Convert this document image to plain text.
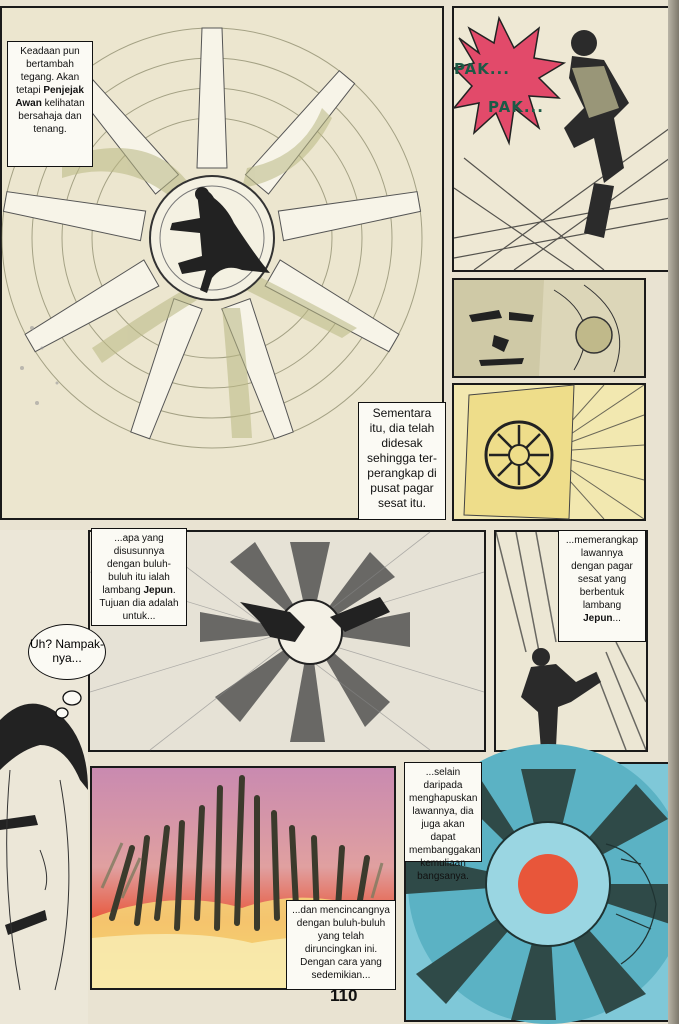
Keadaan pun bertambah tegang. Akan tetapi Penjejak Awan kelihatan bersahaja dan tenang.
Sementara itu, dia telah didesak sehingga ter-perangkap di pusat pagar sesat itu.
PAK...
PAK...
...apa yang disusunnya dengan buluh-buluh itu ialah lambang Jepun. Tujuan dia adalah untuk...
...memerangkap lawannya dengan pagar sesat yang berbentuk lambang Jepun...
Uh? Nampak-nya...
...dan mencincangnya dengan buluh-buluh yang telah diruncingkan ini. Dengan cara yang sedemikian...
...selain daripada menghapuskan lawannya, dia juga akan dapat membanggakan kemuliaan bangsanya.
110
